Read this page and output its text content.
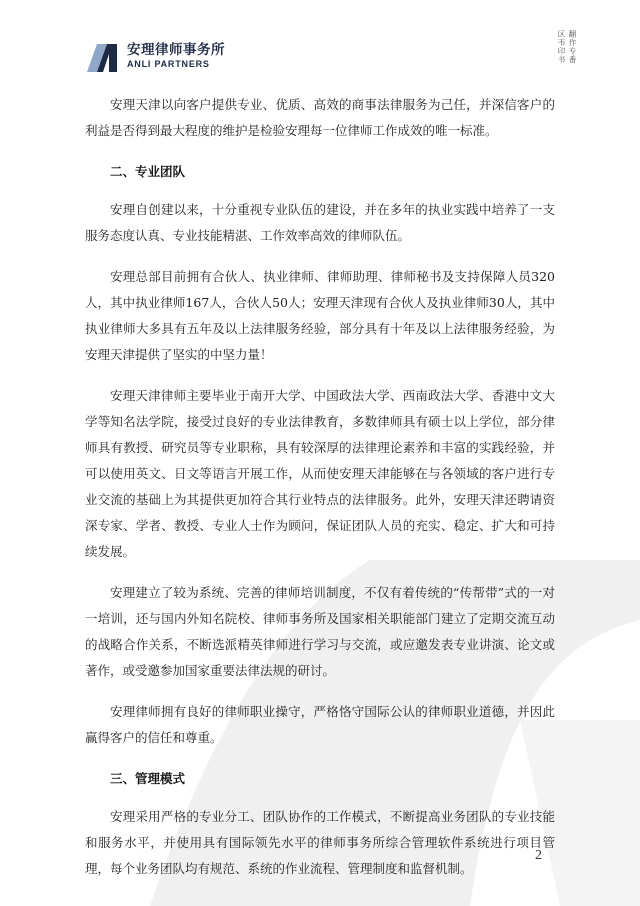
安理律师事务所
ANLI PARTNERS	翻作专番
区韦印书

安理天津以向客户提供专业、优质、高效的商事法律服务为己任，并深信客户的利益是否得到最大程度的维护是检验安理每一位律师工作成效的唯一标准。

二、专业团队

安理自创建以来，十分重视专业队伍的建设，并在多年的执业实践中培养了一支服务态度认真、专业技能精湛、工作效率高效的律师队伍。

安理总部目前拥有合伙人、执业律师、律师助理、律师秘书及支持保障人员320人，其中执业律师167人，合伙人50人；安理天津现有合伙人及执业律师30人，其中执业律师大多具有五年及以上法律服务经验，部分具有十年及以上法律服务经验，为安理天津提供了坚实的中坚力量！

安理天津律师主要毕业于南开大学、中国政法大学、西南政法大学、香港中文大学等知名法学院，接受过良好的专业法律教育，多数律师具有硕士以上学位，部分律师具有教授、研究员等专业职称，具有较深厚的法律理论素养和丰富的实践经验，并可以使用英文、日文等语言开展工作，从而使安理天津能够在与各领域的客户进行专业交流的基础上为其提供更加符合其行业特点的法律服务。此外，安理天津还聘请资深专家、学者、教授、专业人士作为顾问，保证团队人员的充实、稳定、扩大和可持续发展。

安理建立了较为系统、完善的律师培训制度，不仅有着传统的“传帮带”式的一对一培训，还与国内外知名院校、律师事务所及国家相关职能部门建立了定期交流互动的战略合作关系，不断选派精英律师进行学习与交流，或应邀发表专业讲演、论文或著作，或受邀参加国家重要法律法规的研讨。

安理律师拥有良好的律师职业操守，严格恪守国际公认的律师职业道德，并因此赢得客户的信任和尊重。

三、管理模式

安理采用严格的专业分工、团队协作的工作模式，不断提高业务团队的专业技能和服务水平，并使用具有国际领先水平的律师事务所综合管理软件系统进行项目管理，每个业务团队均有规范、系统的作业流程、管理制度和监督机制。

2
